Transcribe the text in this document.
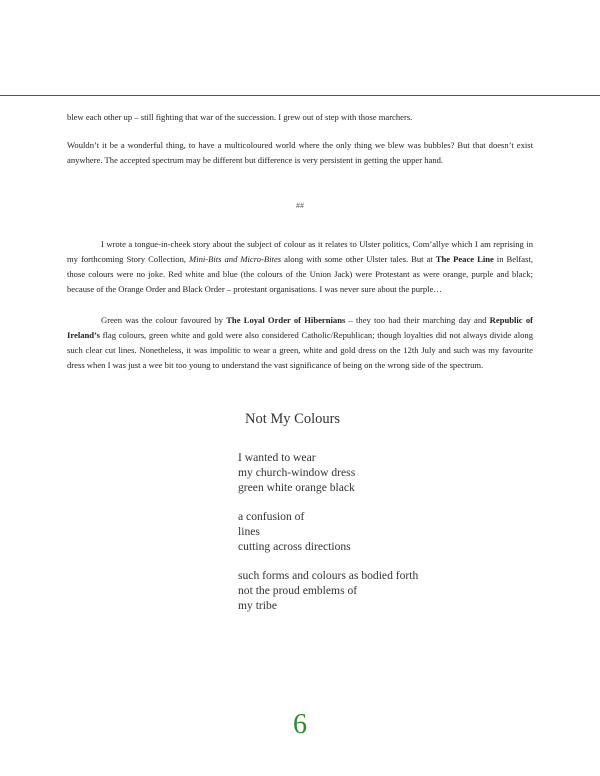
blew each other up – still fighting that war of the succession. I grew out of step with those marchers.
Wouldn’t it be a wonderful thing, to have a multicoloured world where the only thing we blew was bubbles? But that doesn’t exist anywhere. The accepted spectrum may be different but difference is very persistent in getting the upper hand.
##
I wrote a tongue-in-cheek story about the subject of colour as it relates to Ulster politics, Com’allye which I am reprising in my forthcoming Story Collection, Mini-Bits and Micro-Bites along with some other Ulster tales. But at The Peace Line in Belfast, those colours were no joke. Red white and blue (the colours of the Union Jack) were Protestant as were orange, purple and black; because of the Orange Order and Black Order – protestant organisations. I was never sure about the purple…
Green was the colour favoured by The Loyal Order of Hibernians – they too had their marching day and Republic of Ireland’s flag colours, green white and gold were also considered Catholic/Republican; though loyalties did not always divide along such clear cut lines. Nonetheless, it was impolitic to wear a green, white and gold dress on the 12th July and such was my favourite dress when I was just a wee bit too young to understand the vast significance of being on the wrong side of the spectrum.
Not My Colours
I wanted to wear
my church-window dress
green white orange black
a confusion of
lines
cutting across directions
such forms and colours as bodied forth
not the proud emblems of
my tribe
6
